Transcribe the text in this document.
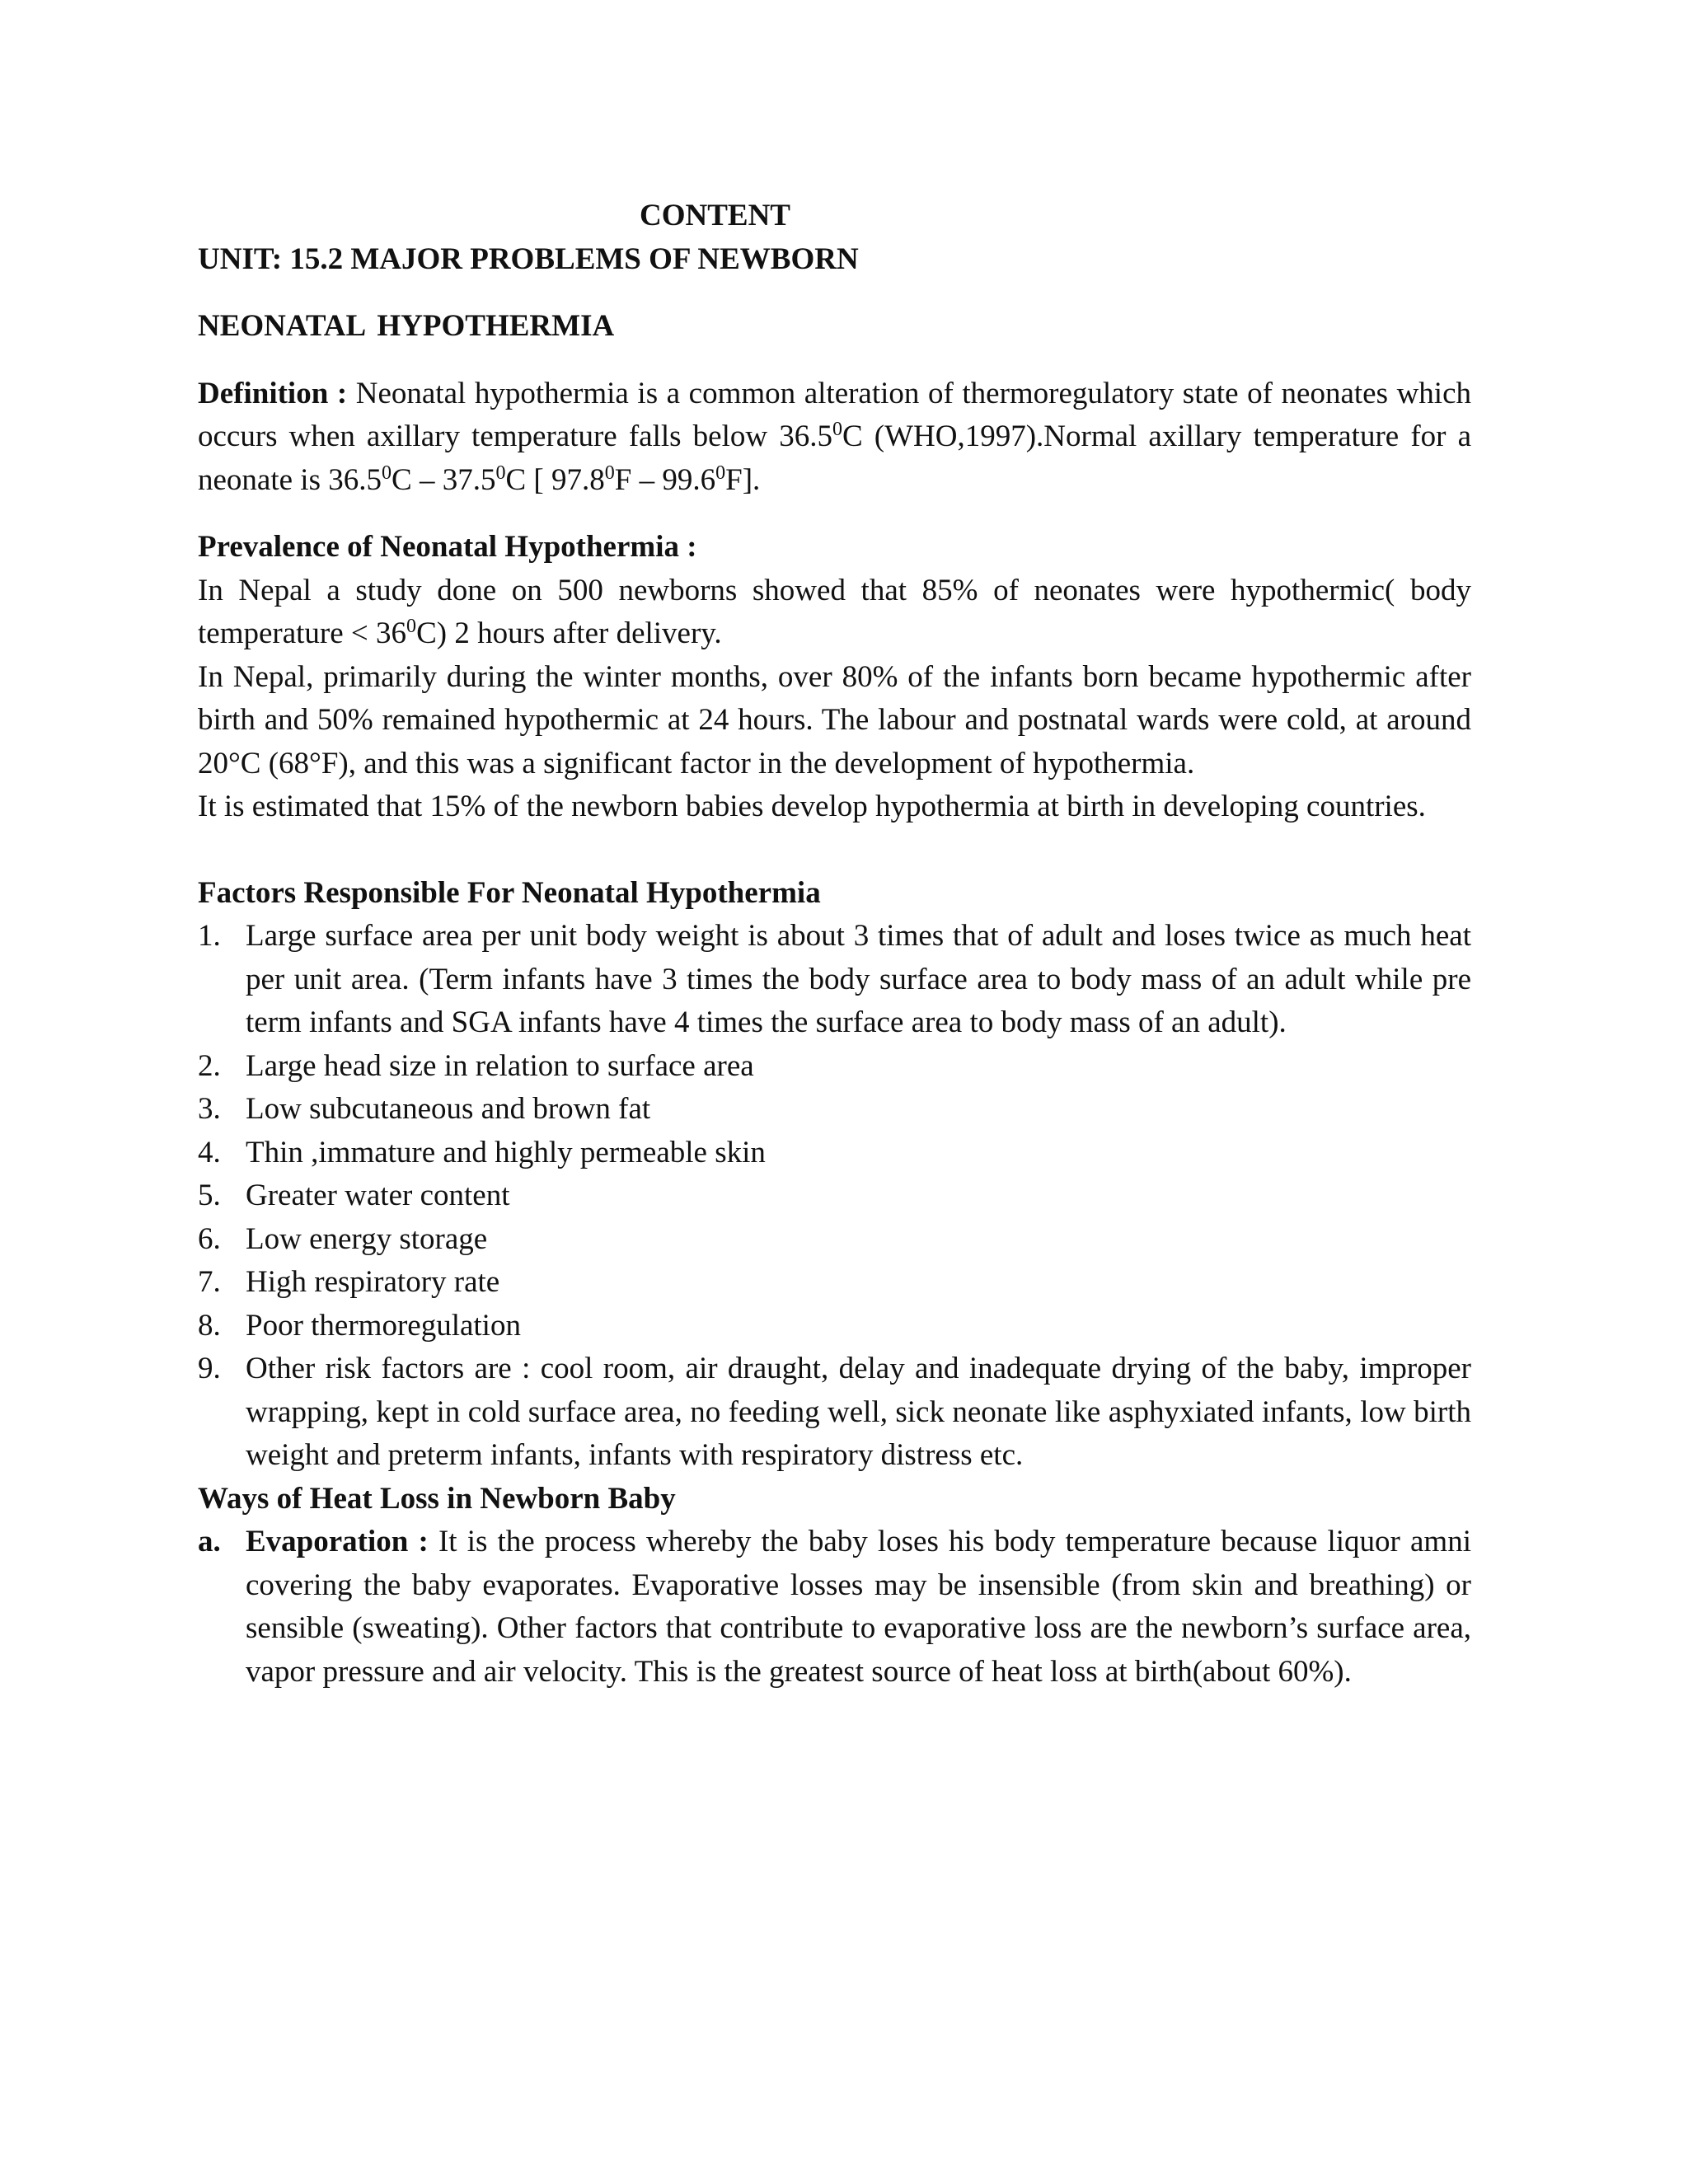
CONTENT

UNIT: 15.2 MAJOR PROBLEMS OF NEWBORN

NEONATAL HYPOTHERMIA

Definition : Neonatal hypothermia is a common alteration of thermoregulatory state of neonates which occurs when axillary temperature falls below 36.5$^0$C (WHO,1997).Normal axillary temperature for a neonate is 36.5$^0$C – 37.5$^0$C [ 97.8$^0$F – 99.6$^0$F].

Prevalence of Neonatal Hypothermia :

In Nepal a study done on 500 newborns showed that 85% of neonates were hypothermic( body temperature < $36^0C$) 2 hours after delivery.

In Nepal, primarily during the winter months, over 80% of the infants born became hypothermic after birth and 50% remained hypothermic at 24 hours. The labour and postnatal wards were cold, at around 20°C (68°F), and this was a significant factor in the development of hypothermia.

It is estimated that 15% of the newborn babies develop hypothermia at birth in developing countries.

Factors Responsible For Neonatal Hypothermia

1. Large surface area per unit body weight is about 3 times that of adult and loses twice as much heat per unit area. (Term infants have 3 times the body surface area to body mass of an adult while pre term infants and SGA infants have 4 times the surface area to body mass of an adult).
2. Large head size in relation to surface area
3. Low subcutaneous and brown fat
4. Thin ,immature and highly permeable skin
5. Greater water content
6. Low energy storage
7. High respiratory rate
8. Poor thermoregulation
9. Other risk factors are : cool room, air draught, delay and inadequate drying of the baby, improper wrapping, kept in cold surface area, no feeding well, sick neonate like asphyxiated infants, low birth weight and preterm infants, infants with respiratory distress etc.

Ways of Heat Loss in Newborn Baby

a. Evaporation : It is the process whereby the baby loses his body temperature because liquor amni covering the baby evaporates. Evaporative losses may be insensible (from skin and breathing) or sensible (sweating). Other factors that contribute to evaporative loss are the newborn’s surface area, vapor pressure and air velocity. This is the greatest source of heat loss at birth(about 60%).
